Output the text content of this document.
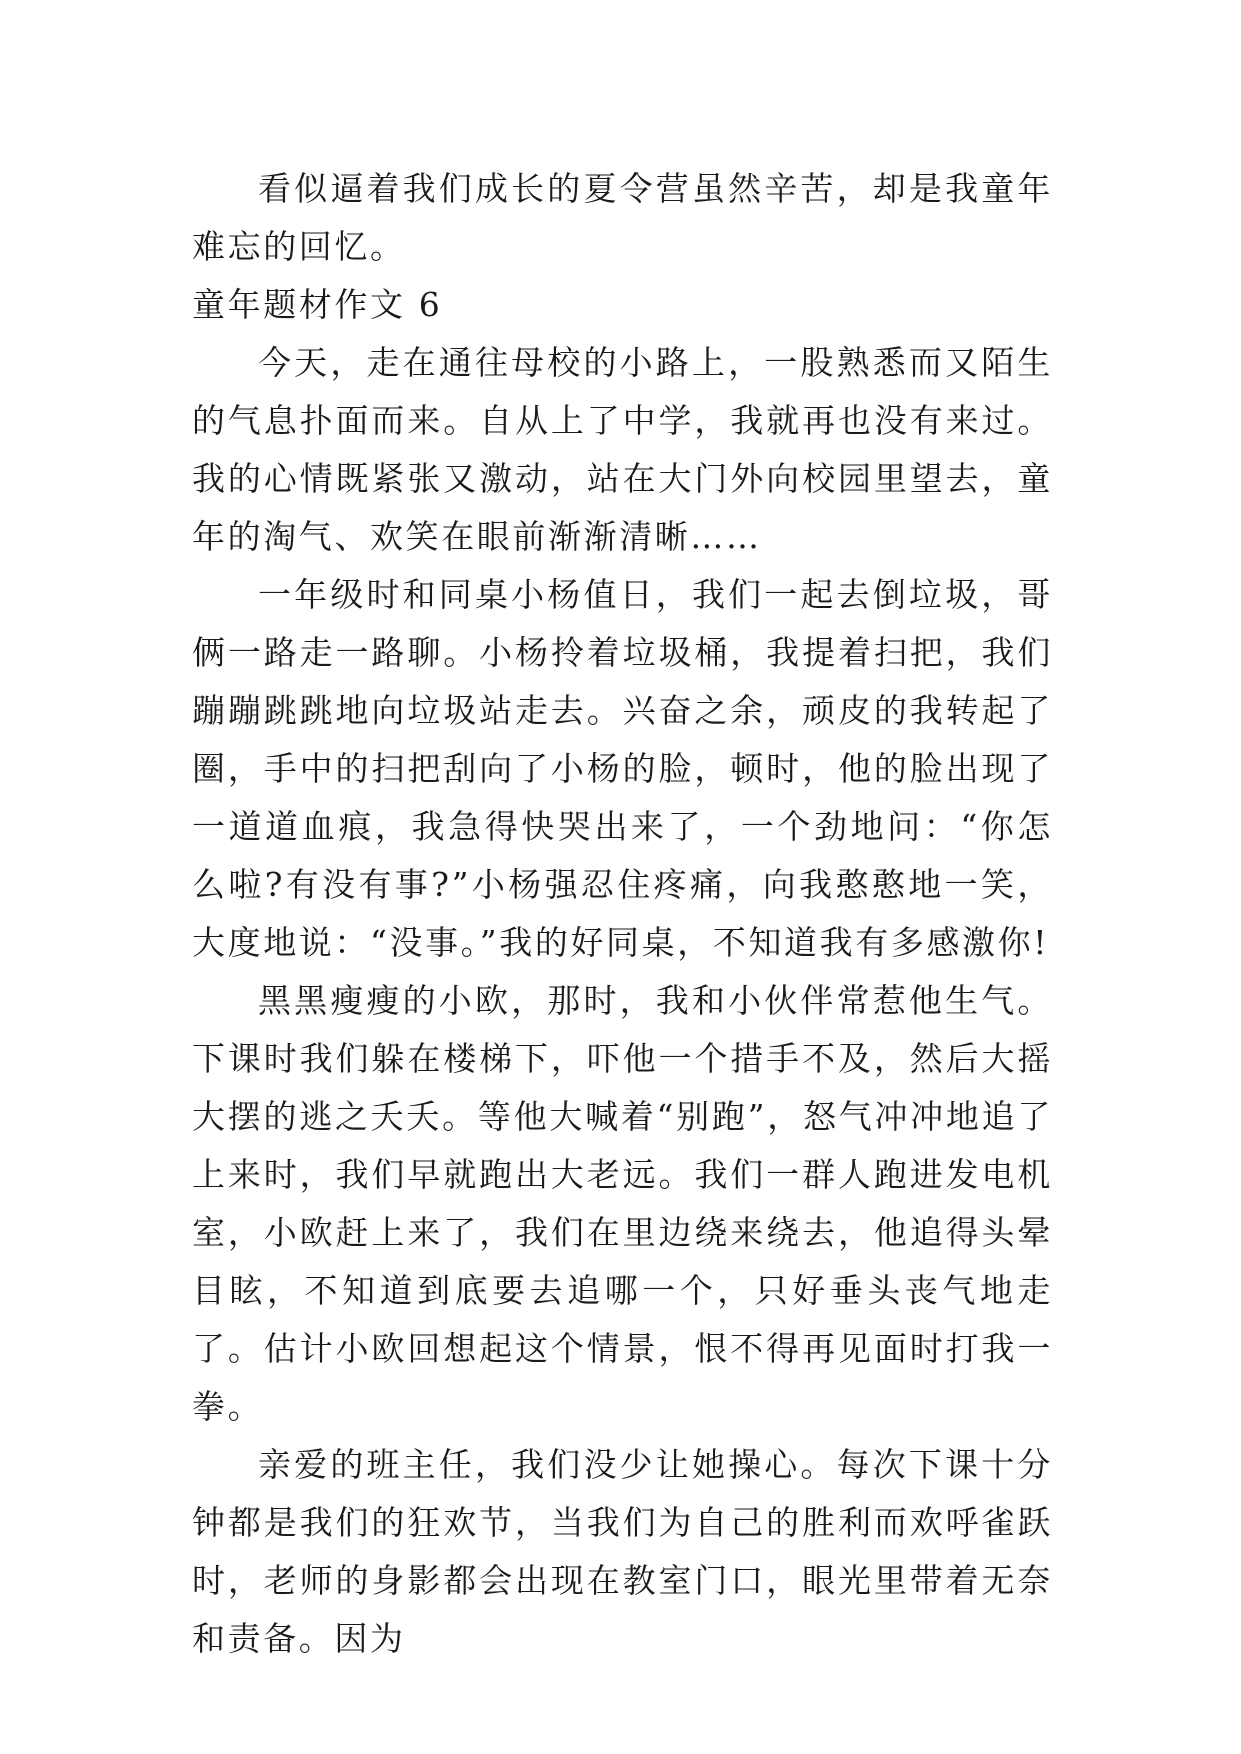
看似逼着我们成长的夏令营虽然辛苦，却是我童年难忘的回忆。

童年题材作文 6

今天，走在通往母校的小路上，一股熟悉而又陌生的气息扑面而来。自从上了中学，我就再也没有来过。我的心情既紧张又激动，站在大门外向校园里望去，童年的淘气、欢笑在眼前渐渐清晰……

一年级时和同桌小杨值日，我们一起去倒垃圾，哥俩一路走一路聊。小杨拎着垃圾桶，我提着扫把，我们蹦蹦跳跳地向垃圾站走去。兴奋之余，顽皮的我转起了圈，手中的扫把刮向了小杨的脸，顿时，他的脸出现了一道道血痕，我急得快哭出来了，一个劲地问：“你怎么啦?有没有事?”小杨强忍住疼痛，向我憨憨地一笑，大度地说：“没事。”我的好同桌，不知道我有多感激你!

黑黑瘦瘦的小欧，那时，我和小伙伴常惹他生气。下课时我们躲在楼梯下，吓他一个措手不及，然后大摇大摆的逃之夭夭。等他大喊着“别跑”，怒气冲冲地追了上来时，我们早就跑出大老远。我们一群人跑进发电机室，小欧赶上来了，我们在里边绕来绕去，他追得头晕目眩，不知道到底要去追哪一个，只好垂头丧气地走了。估计小欧回想起这个情景，恨不得再见面时打我一拳。

亲爱的班主任，我们没少让她操心。每次下课十分钟都是我们的狂欢节，当我们为自己的胜利而欢呼雀跃时，老师的身影都会出现在教室门口，眼光里带着无奈和责备。因为
